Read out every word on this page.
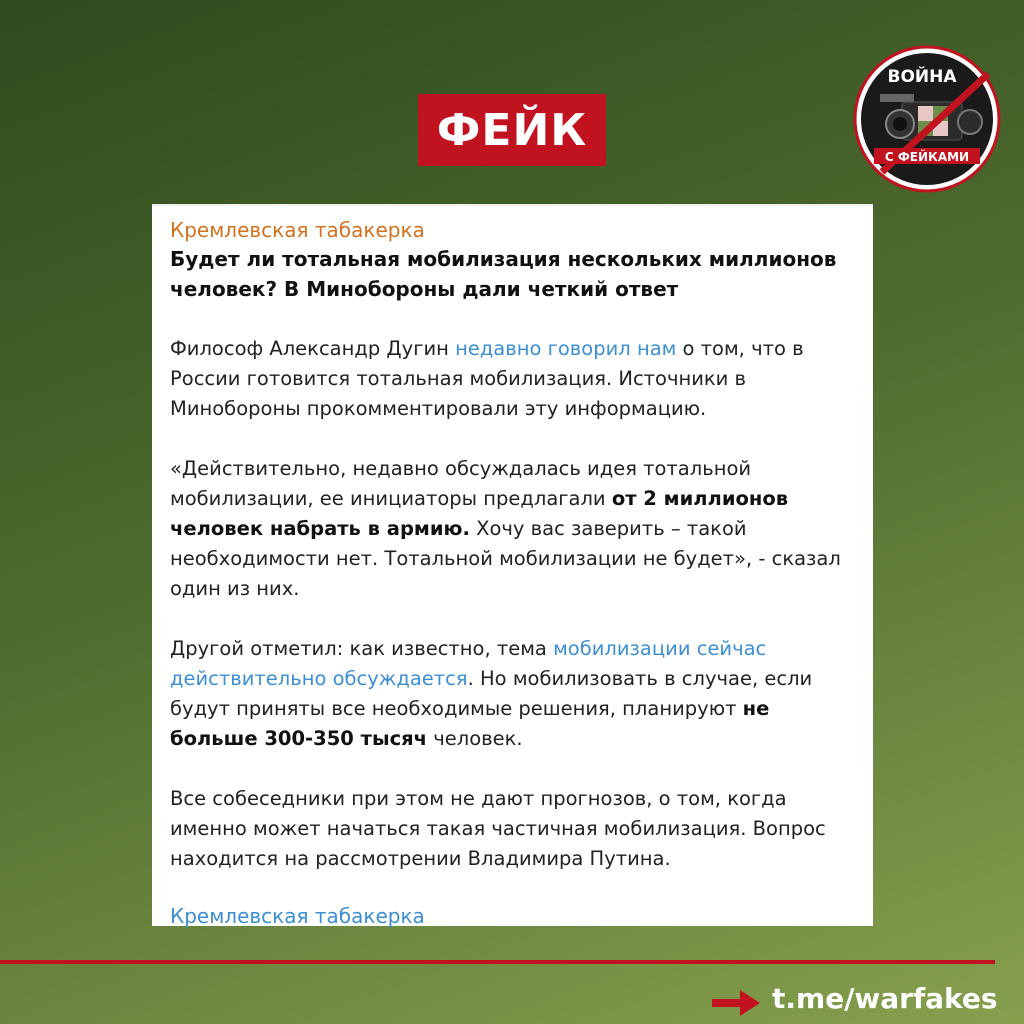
ФЕЙК
ВОЙНА
С ФЕЙКАМИ
Кремлевская табакерка
Будет ли тотальная мобилизация нескольких миллионов человек? В Минобороны дали четкий ответ
Философ Александр Дугин недавно говорил нам о том, что в России готовится тотальная мобилизация. Источники в Минобороны прокомментировали эту информацию.
«Действительно, недавно обсуждалась идея тотальной мобилизации, ее инициаторы предлагали от 2 миллионов человек набрать в армию. Хочу вас заверить – такой необходимости нет. Тотальной мобилизации не будет», - сказал один из них.
Другой отметил: как известно, тема мобилизации сейчас действительно обсуждается. Но мобилизовать в случае, если будут приняты все необходимые решения, планируют не больше 300-350 тысяч человек.
Все собеседники при этом не дают прогнозов, о том, когда именно может начаться такая частичная мобилизация. Вопрос находится на рассмотрении Владимира Путина.
Кремлевская табакерка
t.me/warfakes
